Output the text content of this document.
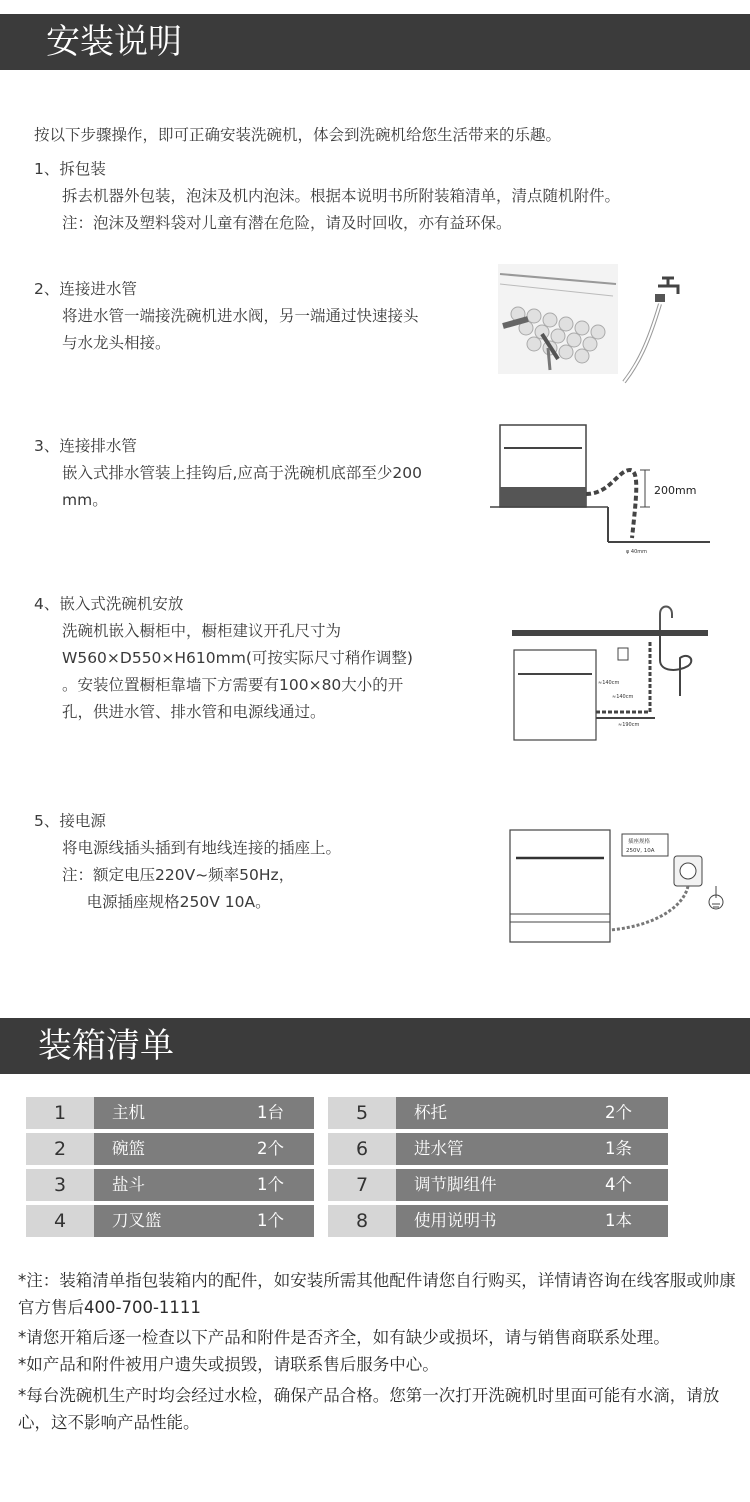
安装说明
按以下步骤操作，即可正确安装洗碗机，体会到洗碗机给您生活带来的乐趣。
1、拆包装
拆去机器外包装，泡沫及机内泡沫。根据本说明书所附装箱清单，清点随机附件。
注：泡沫及塑料袋对儿童有潜在危险，请及时回收，亦有益环保。
2、连接进水管
将进水管一端接洗碗机进水阀，另一端通过快速接头
与水龙头相接。
3、连接排水管
嵌入式排水管装上挂钩后,应高于洗碗机底部至少200
mm。
200mm
φ 40mm
4、嵌入式洗碗机安放
洗碗机嵌入橱柜中，橱柜建议开孔尺寸为
W560×D550×H610mm(可按实际尺寸稍作调整)
。安装位置橱柜靠墙下方需要有100×80大小的开
孔，供进水管、排水管和电源线通过。
≈140cm
≈140cm
≈190cm
5、接电源
将电源线插头插到有地线连接的插座上。
注：额定电压220V~频率50Hz，
电源插座规格250V 10A。
插座规格
250V, 10A
装箱清单
1	主机	1台	5	杯托	2个
2	碗篮	2个	6	进水管	1条
3	盐斗	1个	7	调节脚组件	4个
4	刀叉篮	1个	8	使用说明书	1本
*注：装箱清单指包装箱内的配件，如安装所需其他配件请您自行购买，详情请咨询在线客服或帅康官方售后400-700-1111
*请您开箱后逐一检查以下产品和附件是否齐全，如有缺少或损坏，请与销售商联系处理。
*如产品和附件被用户遗失或损毁，请联系售后服务中心。
*每台洗碗机生产时均会经过水检，确保产品合格。您第一次打开洗碗机时里面可能有水滴，请放心，这不影响产品性能。
